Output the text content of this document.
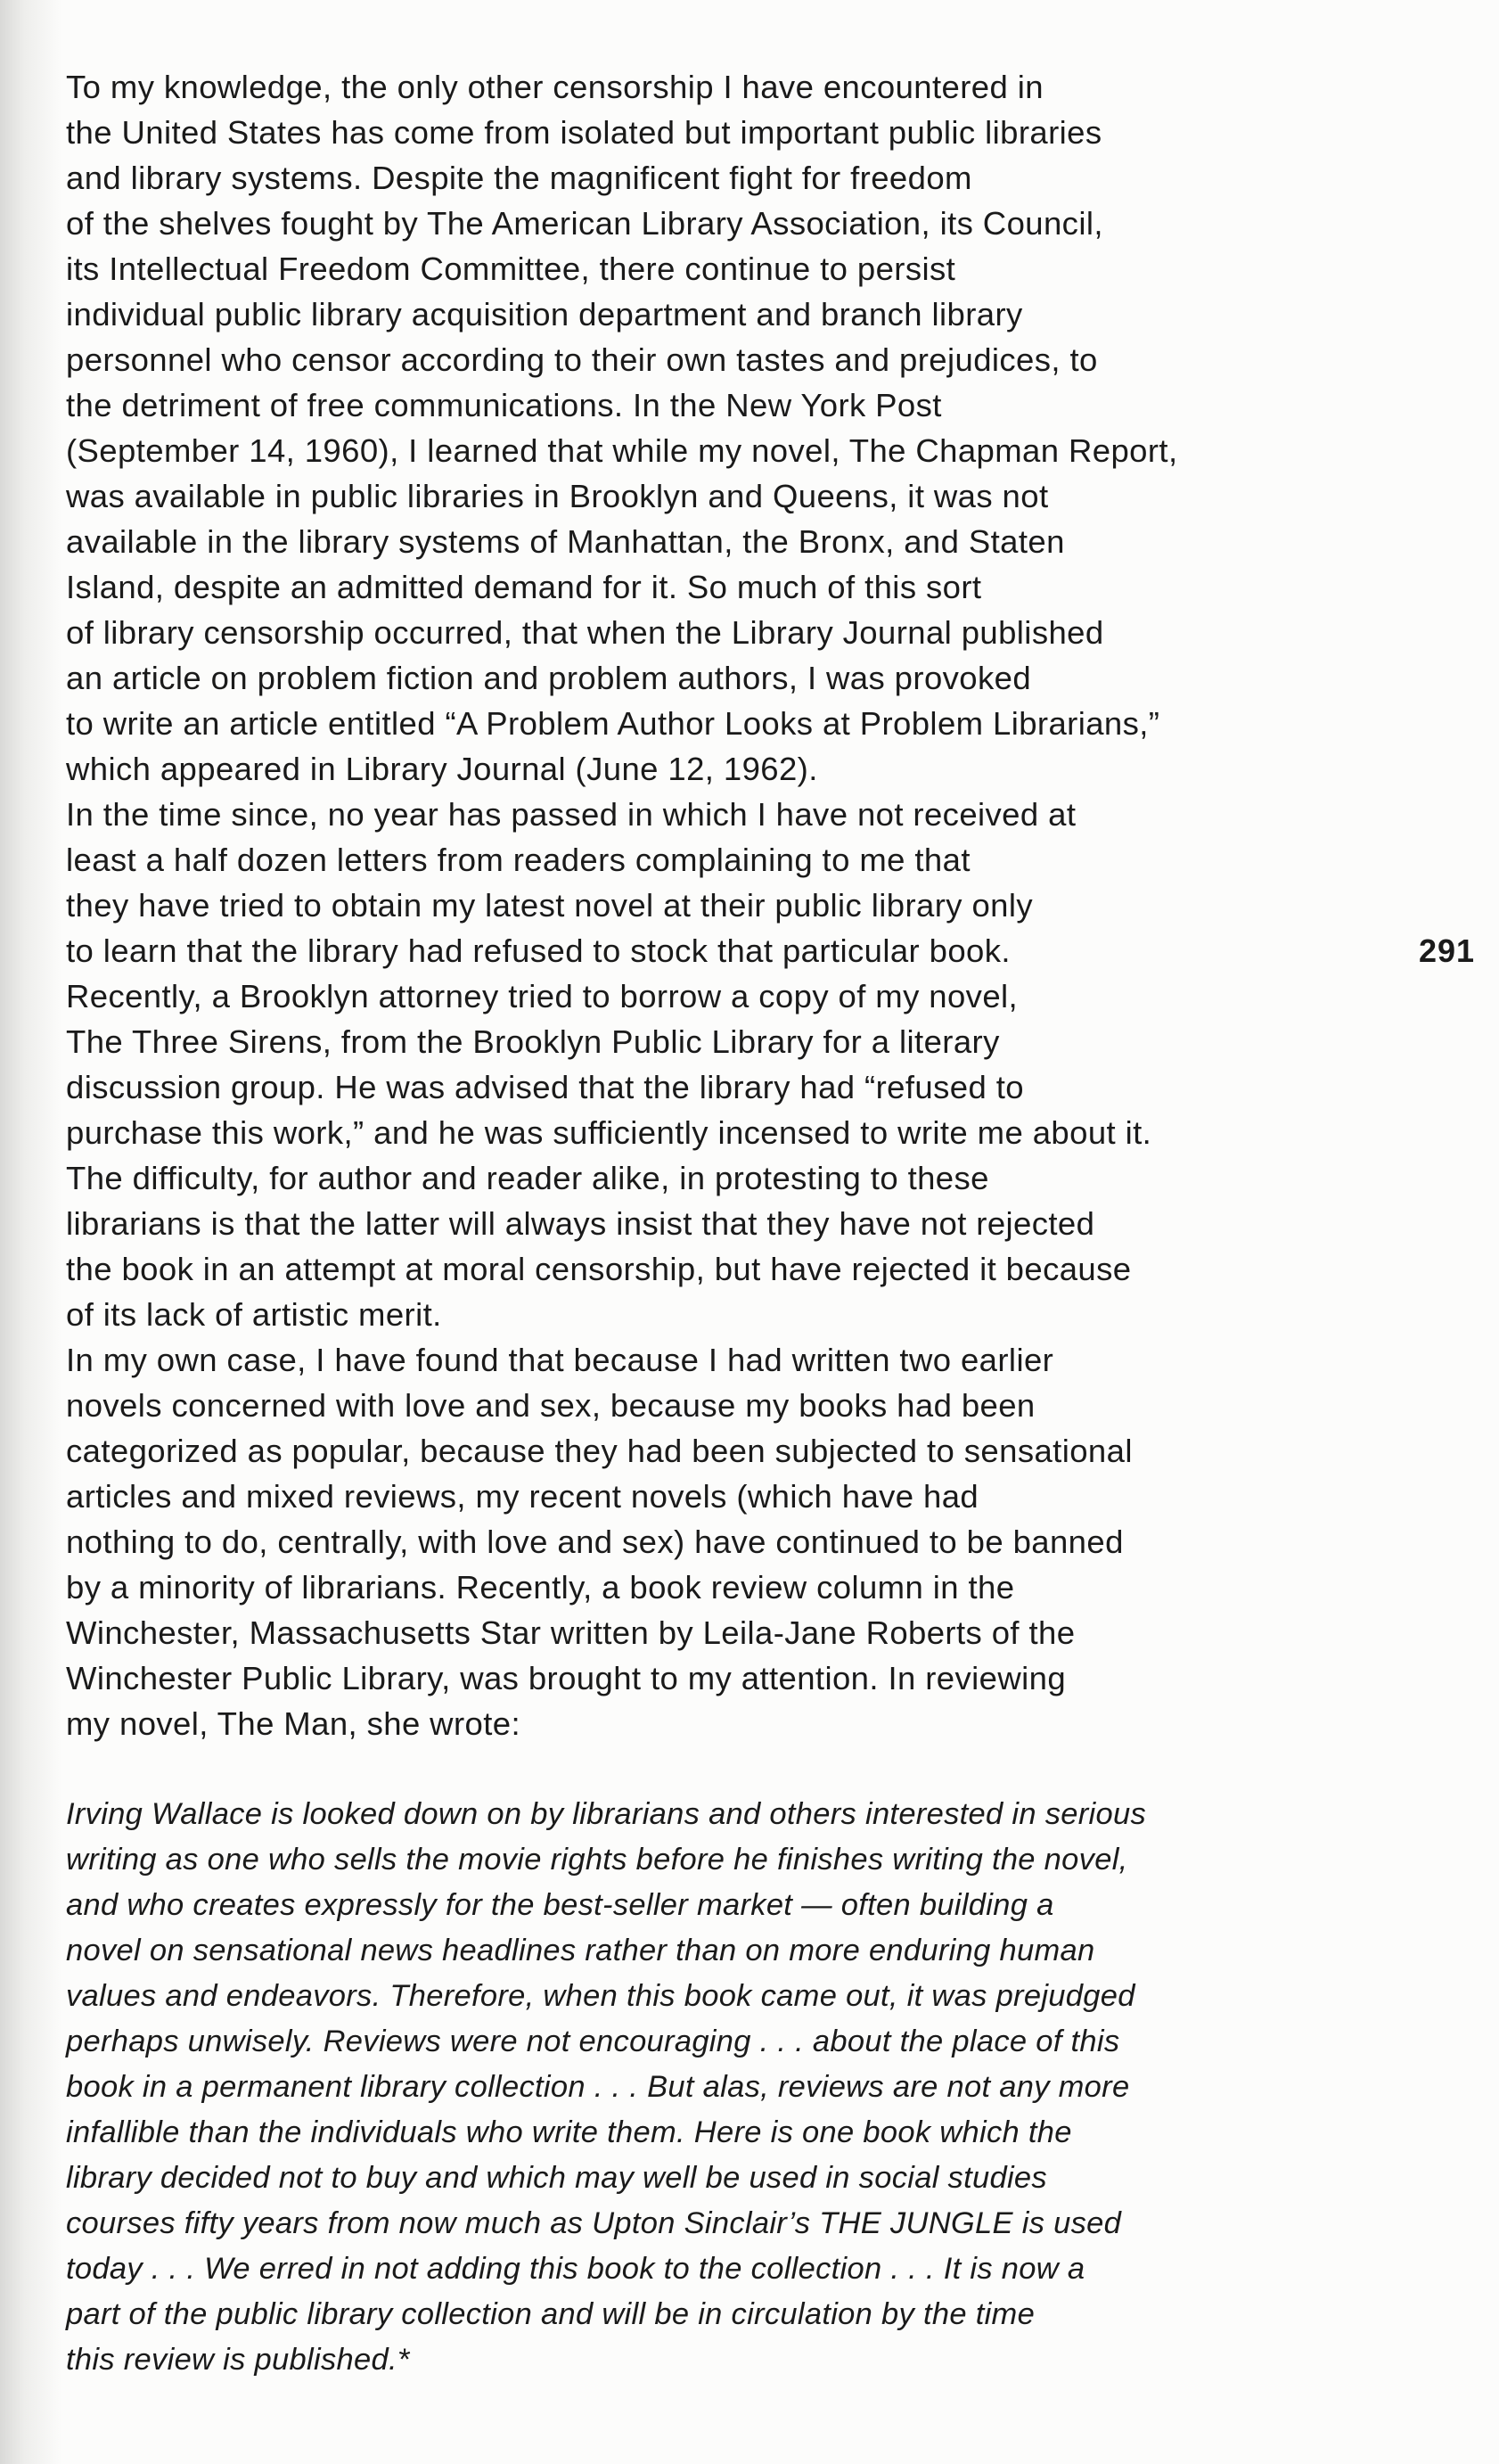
To my knowledge, the only other censorship I have encountered in
the United States has come from isolated but important public libraries
and library systems. Despite the magnificent fight for freedom
of the shelves fought by The American Library Association, its Council,
its Intellectual Freedom Committee, there continue to persist
individual public library acquisition department and branch library
personnel who censor according to their own tastes and prejudices, to
the detriment of free communications. In the New York Post
(September 14, 1960), I learned that while my novel, The Chapman Report,
was available in public libraries in Brooklyn and Queens, it was not
available in the library systems of Manhattan, the Bronx, and Staten
Island, despite an admitted demand for it. So much of this sort
of library censorship occurred, that when the Library Journal published
an article on problem fiction and problem authors, I was provoked
to write an article entitled “A Problem Author Looks at Problem Librarians,”
which appeared in Library Journal (June 12, 1962).
In the time since, no year has passed in which I have not received at
least a half dozen letters from readers complaining to me that
they have tried to obtain my latest novel at their public library only
to learn that the library had refused to stock that particular book.
Recently, a Brooklyn attorney tried to borrow a copy of my novel,
The Three Sirens, from the Brooklyn Public Library for a literary
discussion group. He was advised that the library had “refused to
purchase this work,” and he was sufficiently incensed to write me about it.
The difficulty, for author and reader alike, in protesting to these
librarians is that the latter will always insist that they have not rejected
the book in an attempt at moral censorship, but have rejected it because
of its lack of artistic merit.
In my own case, I have found that because I had written two earlier
novels concerned with love and sex, because my books had been
categorized as popular, because they had been subjected to sensational
articles and mixed reviews, my recent novels (which have had
nothing to do, centrally, with love and sex) have continued to be banned
by a minority of librarians. Recently, a book review column in the
Winchester, Massachusetts Star written by Leila-Jane Roberts of the
Winchester Public Library, was brought to my attention. In reviewing
my novel, The Man, she wrote:
Irving Wallace is looked down on by librarians and others interested in serious
writing as one who sells the movie rights before he finishes writing the novel,
and who creates expressly for the best-seller market — often building a
novel on sensational news headlines rather than on more enduring human
values and endeavors. Therefore, when this book came out, it was prejudged
perhaps unwisely. Reviews were not encouraging . . . about the place of this
book in a permanent library collection . . . But alas, reviews are not any more
infallible than the individuals who write them. Here is one book which the
library decided not to buy and which may well be used in social studies
courses fifty years from now much as Upton Sinclair’s THE JUNGLE is used
today . . . We erred in not adding this book to the collection . . . It is now a
part of the public library collection and will be in circulation by the time
this review is published.*
291
